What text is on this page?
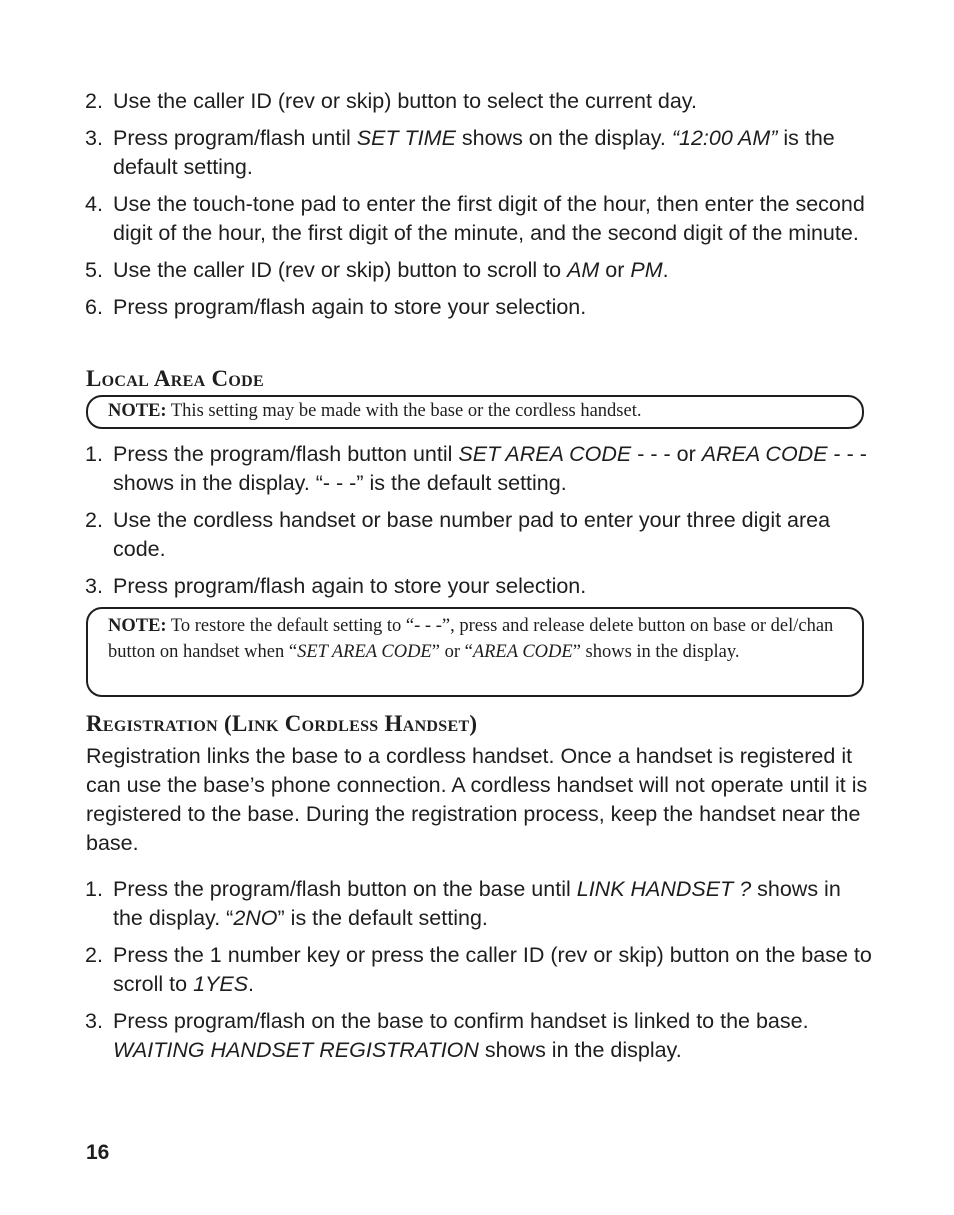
2. Use the caller ID (rev or skip) button to select the current day.
3. Press program/flash until SET TIME shows on the display. “12:00 AM” is the default setting.
4. Use the touch-tone pad to enter the first digit of the hour, then enter the second digit of the hour, the first digit of the minute, and the second digit of the minute.
5. Use the caller ID (rev or skip) button to scroll to AM or PM.
6. Press program/flash again to store your selection.
Local Area Code
NOTE: This setting may be made with the base or the cordless handset.
1. Press the program/flash button until SET AREA CODE - - - or AREA CODE - - - shows in the display. “- - -” is the default setting.
2. Use the cordless handset or base number pad to enter your three digit area code.
3. Press program/flash again to store your selection.
NOTE: To restore the default setting to “- - -”, press and release delete button on base or del/chan button on handset when “SET AREA CODE” or “AREA CODE” shows in the display.
Registration (Link Cordless Handset)
Registration links the base to a cordless handset. Once a handset is registered it can use the base’s phone connection. A cordless handset will not operate until it is registered to the base. During the registration process, keep the handset near the base.
1. Press the program/flash button on the base until LINK HANDSET ? shows in the display. “2NO” is the default setting.
2. Press the 1 number key or press the caller ID (rev or skip) button on the base to scroll to 1YES.
3. Press program/flash on the base to confirm handset is linked to the base. WAITING HANDSET REGISTRATION shows in the display.
16
